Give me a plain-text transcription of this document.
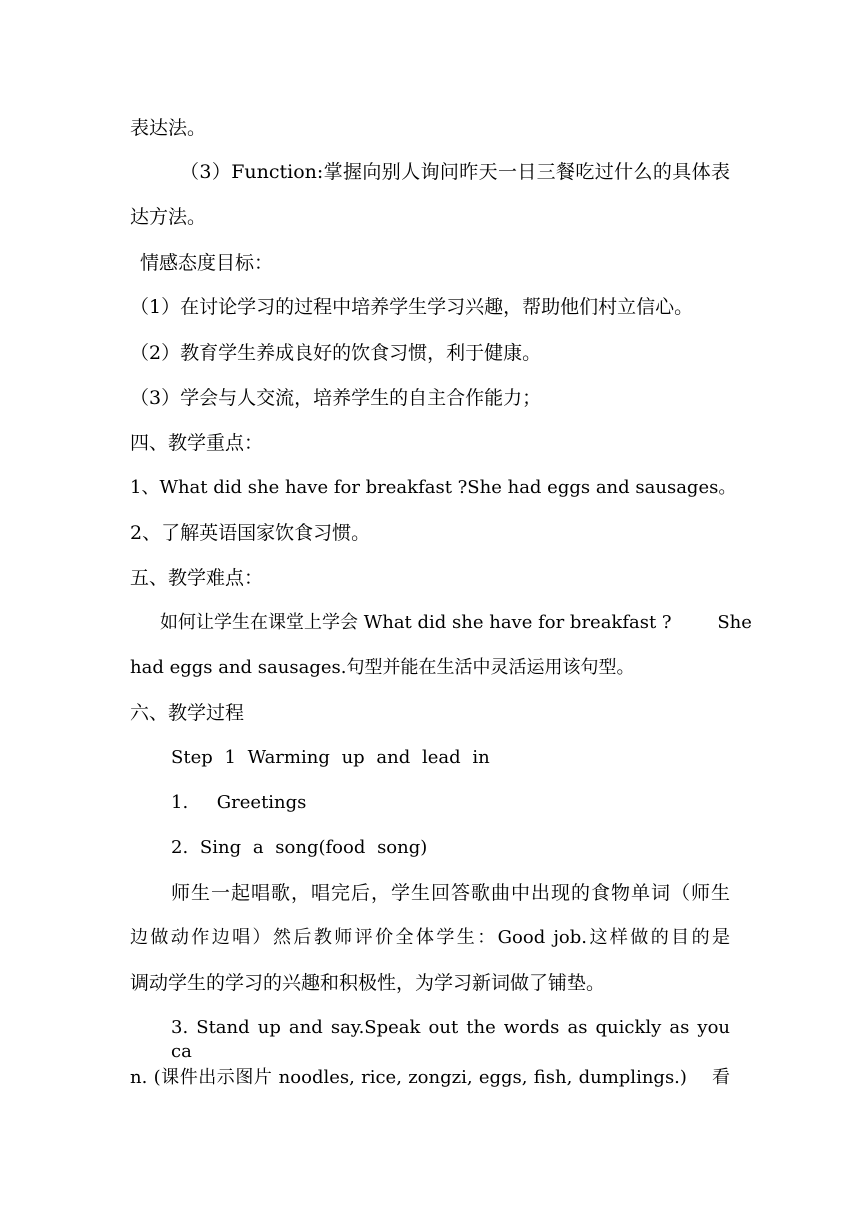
表达法。
（3）Function:掌握向别人询问昨天一日三餐吃过什么的具体表
达方法。
情感态度目标：
（1）在讨论学习的过程中培养学生学习兴趣，帮助他们村立信心。
（2）教育学生养成良好的饮食习惯，利于健康。
（3）学会与人交流，培养学生的自主合作能力；
四、教学重点：
1、What did she have for breakfast ?She had eggs and sausages。
2、了解英语国家饮食习惯。
五、教学难点：
如何让学生在课堂上学会 What did she have for breakfast ?        She
had eggs and sausages.句型并能在生活中灵活运用该句型。
六、教学过程
Step 1 Warming up and lead in
1.     Greetings
2. Sing a song(food song)
师生一起唱歌，唱完后，学生回答歌曲中出现的食物单词（师生
边做动作边唱）然后教师评价全体学生：Good job.这样做的目的是
调动学生的学习的兴趣和积极性，为学习新词做了铺垫。
3. Stand up and say.Speak out the words as quickly as you ca
n. (课件出示图片 noodles, rice, zongzi, eggs, fish, dumplings.)    看
